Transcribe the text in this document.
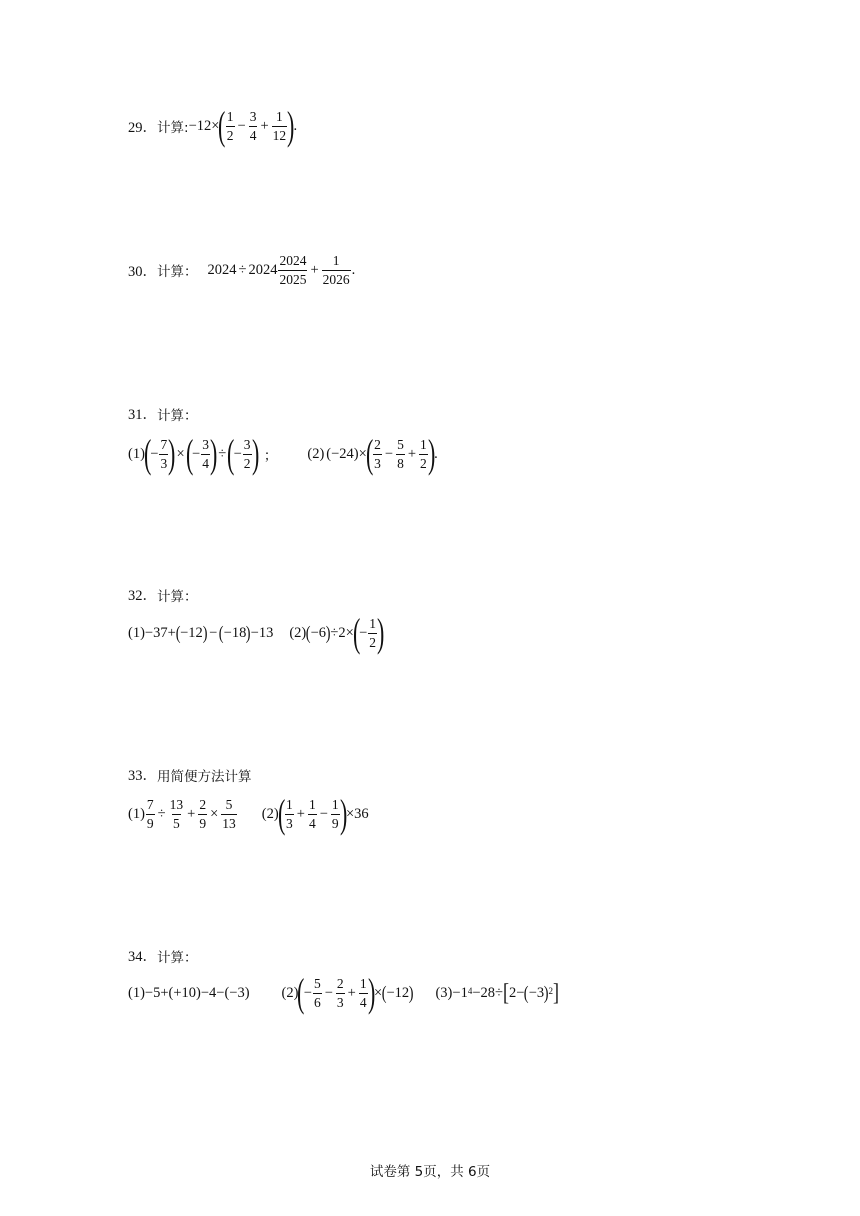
29． 计算: −12×
( $\frac{1}{2} - \frac{3}{4} + \frac{1}{12}$ )
.
30． 计算： $2024 \div 2024 \frac{2024}{2025} + \frac{1}{2026}$ .
31． 计算：
(1)
(
− $\frac{7}{3}$ ) × (
− $\frac{3}{4}$ ) ÷ (
− $\frac{3}{2}$ ) ； (2) (−24)×
( $\frac{2}{3} - \frac{5}{8} + \frac{1}{2}$ )
.
32． 计算：
(1) −37+ ( −12 ) − ( −18 ) −13 (2) ( −6 ) ÷2×
(
− $\frac{1}{2}$ )
33． 用简便方法计算
$(1) \frac{7}{9} \div \frac{13}{5} + \frac{2}{9} \times \frac{5}{13} (2)$
( $\frac{1}{3} + \frac{1}{4} - \frac{1}{9}$ )
×36
34． 计算：
(1)−5+(+10)−4−(−3) (2)
(
− $\frac{5}{6} - \frac{2}{3} + \frac{1}{4}$ )
× ( −12 ) $(3) -1^4 -28\div$ [ 2− ( −3 )$^2$ ]
试卷第 5页，共 6页
